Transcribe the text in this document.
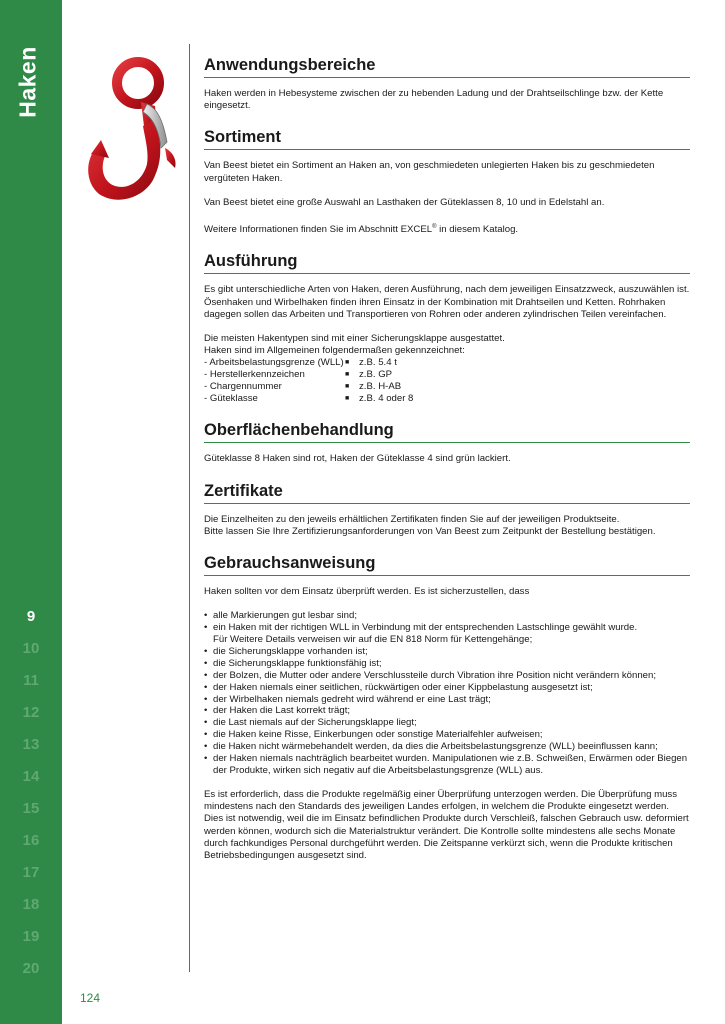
Haken
9
10
11
12
13
14
15
16
17
18
19
20
124
Anwendungsbereiche

Haken werden in Hebesysteme zwischen der zu hebenden Ladung und der Drahtseilschlinge bzw. der Kette eingesetzt.

Sortiment

Van Beest bietet ein Sortiment an Haken an, von geschmiedeten unlegierten Haken bis zu geschmiedeten vergüteten Haken.

Van Beest bietet eine große Auswahl an Lasthaken der Güteklassen 8, 10 und in Edelstahl an.

Weitere Informationen finden Sie im Abschnitt EXCEL® in diesem Katalog.

Ausführung

Es gibt unterschiedliche Arten von Haken, deren Ausführung, nach dem jeweiligen Einsatzzweck, auszuwählen ist. Ösenhaken und Wirbelhaken finden ihren Einsatz in der Kombination mit Drahtseilen und Ketten. Rohrhaken dagegen sollen das Arbeiten und Transportieren von Rohren oder anderen zylindrischen Teilen vereinfachen.

Die meisten Hakentypen sind mit einer Sicherungsklappe ausgestattet.

Haken sind im Allgemeinen folgendermaßen gekennzeichnet:

- Arbeitsbelastungsgrenze (WLL) ■	z.B. 5.4 t
- Herstellerkennzeichen	■	z.B. GP
- Chargennummer	■	z.B. H-AB
- Güteklasse	■	z.B. 4 oder 8
Oberflächenbehandlung

Güteklasse 8 Haken sind rot, Haken der Güteklasse 4 sind grün lackiert.

Zertifikate

Die Einzelheiten zu den jeweils erhältlichen Zertifikaten finden Sie auf der jeweiligen Produktseite.

Bitte lassen Sie Ihre Zertifizierungsanforderungen von Van Beest zum Zeitpunkt der Bestellung bestätigen.

Gebrauchsanweisung

Haken sollten vor dem Einsatz überprüft werden. Es ist sicherzustellen, dass

• alle Markierungen gut lesbar sind;
• ein Haken mit der richtigen WLL in Verbindung mit der entsprechenden Lastschlinge gewählt wurde.
Für Weitere Details verweisen wir auf die EN 818 Norm für Kettengehänge;
• die Sicherungsklappe vorhanden ist;
• die Sicherungsklappe funktionsfähig ist;
• der Bolzen, die Mutter oder andere Verschlussteile durch Vibration ihre Position nicht verändern können;
• der Haken niemals einer seitlichen, rückwärtigen oder einer Kippbelastung ausgesetzt ist;
• der Wirbelhaken niemals gedreht wird während er eine Last trägt;
• der Haken die Last korrekt trägt;
• die Last niemals auf der Sicherungsklappe liegt;
• die Haken keine Risse, Einkerbungen oder sonstige Materialfehler aufweisen;
• die Haken nicht wärmebehandelt werden, da dies die Arbeitsbelastungsgrenze (WLL) beeinflussen kann;
• der Haken niemals nachträglich bearbeitet wurden. Manipulationen wie z.B. Schweißen, Erwärmen oder Biegen der Produkte, wirken sich negativ auf die Arbeitsbelastungsgrenze (WLL) aus.

Es ist erforderlich, dass die Produkte regelmäßig einer Überprüfung unterzogen werden. Die Überprüfung muss mindestens nach den Standards des jeweiligen Landes erfolgen, in welchem die Produkte eingesetzt werden. Dies ist notwendig, weil die im Einsatz befindlichen Produkte durch Verschleiß, falschen Gebrauch usw. deformiert werden können, wodurch sich die Materialstruktur verändert. Die Kontrolle sollte mindestens alle sechs Monate durch fachkundiges Personal durchgeführt werden. Die Zeitspanne verkürzt sich, wenn die Produkte kritischen Betriebsbedingungen ausgesetzt sind.
